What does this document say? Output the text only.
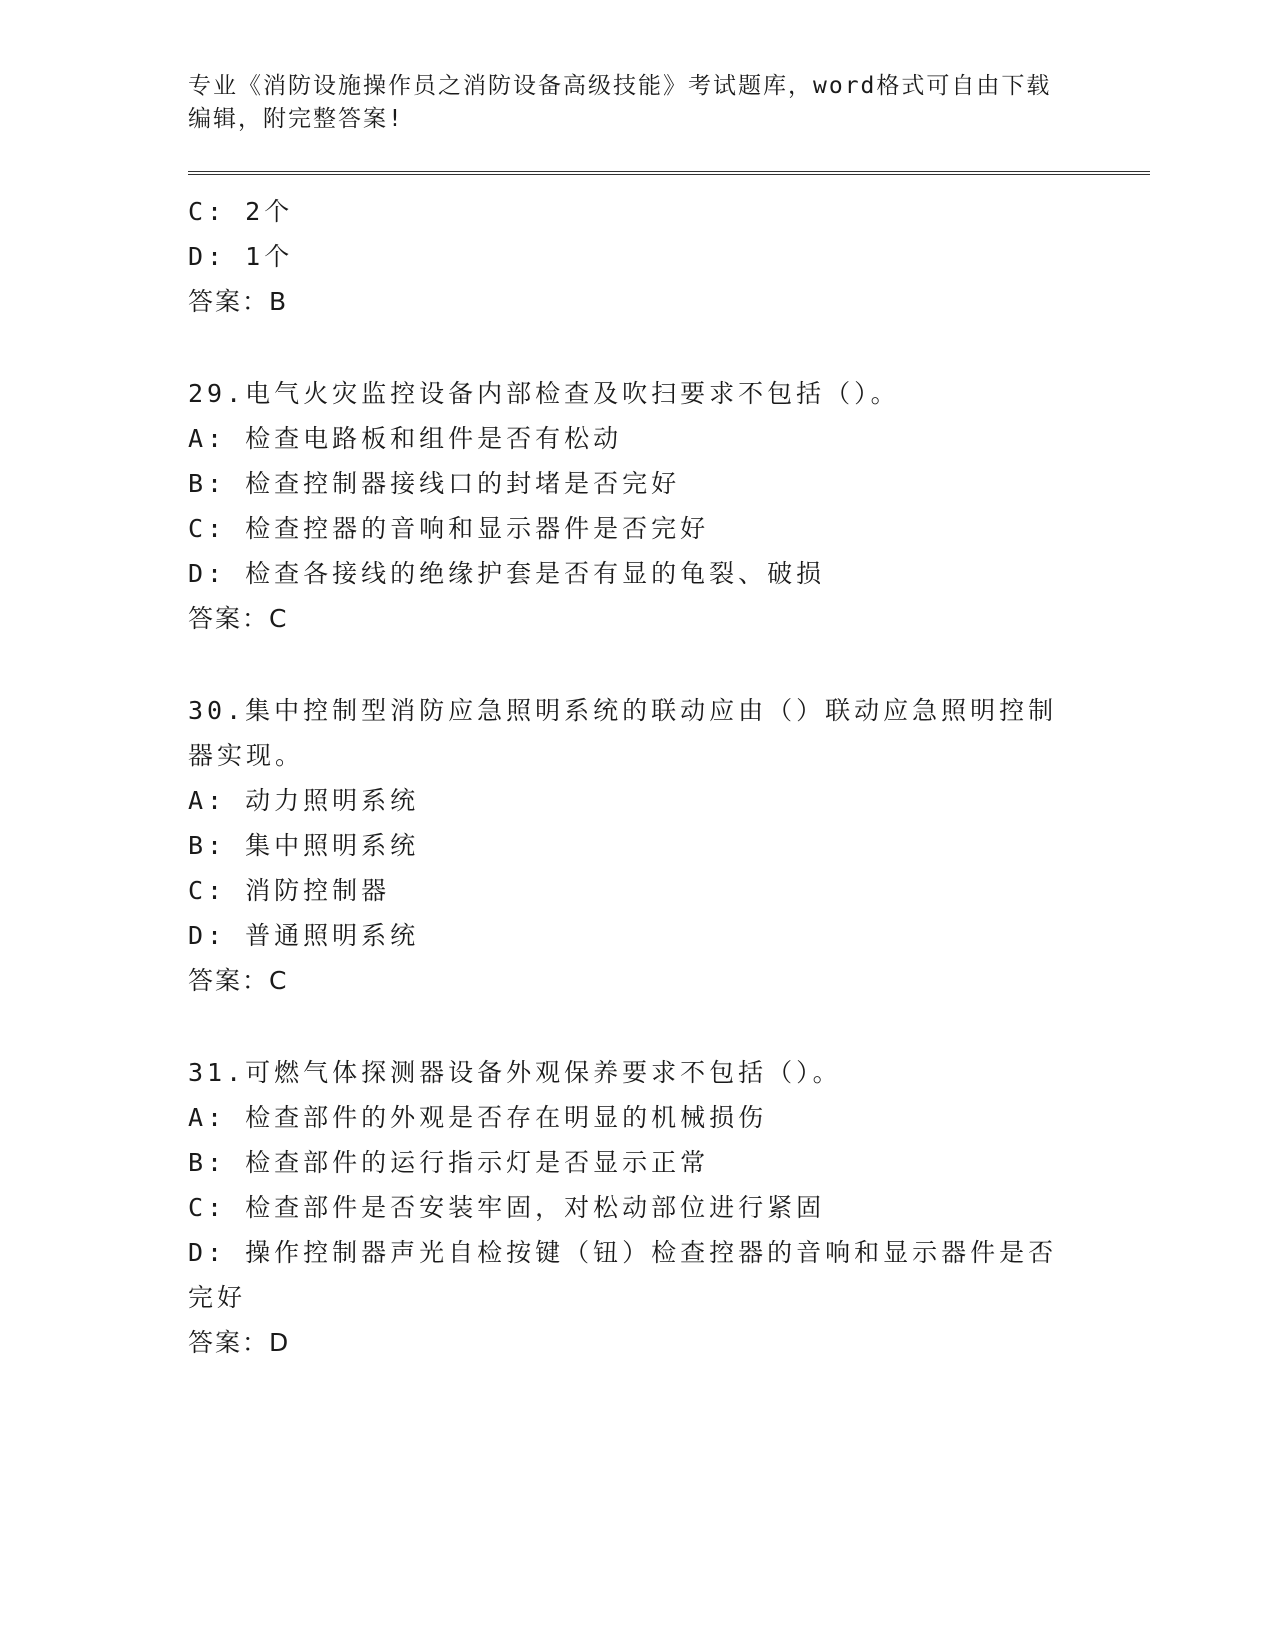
专业《消防设施操作员之消防设备高级技能》考试题库，word格式可自由下载编辑，附完整答案!

C: 2个

D: 1个

答案：B

29.电气火灾监控设备内部检查及吹扫要求不包括（）。

A: 检查电路板和组件是否有松动

B: 检查控制器接线口的封堵是否完好

C: 检查控器的音响和显示器件是否完好

D: 检查各接线的绝缘护套是否有显的龟裂、破损

答案：C

30.集中控制型消防应急照明系统的联动应由（）联动应急照明控制器实现。

A: 动力照明系统

B: 集中照明系统

C: 消防控制器

D: 普通照明系统

答案：C

31.可燃气体探测器设备外观保养要求不包括（）。

A: 检查部件的外观是否存在明显的机械损伤

B: 检查部件的运行指示灯是否显示正常

C: 检查部件是否安装牢固，对松动部位进行紧固

D: 操作控制器声光自检按键（钮）检查控器的音响和显示器件是否完好

答案：D
